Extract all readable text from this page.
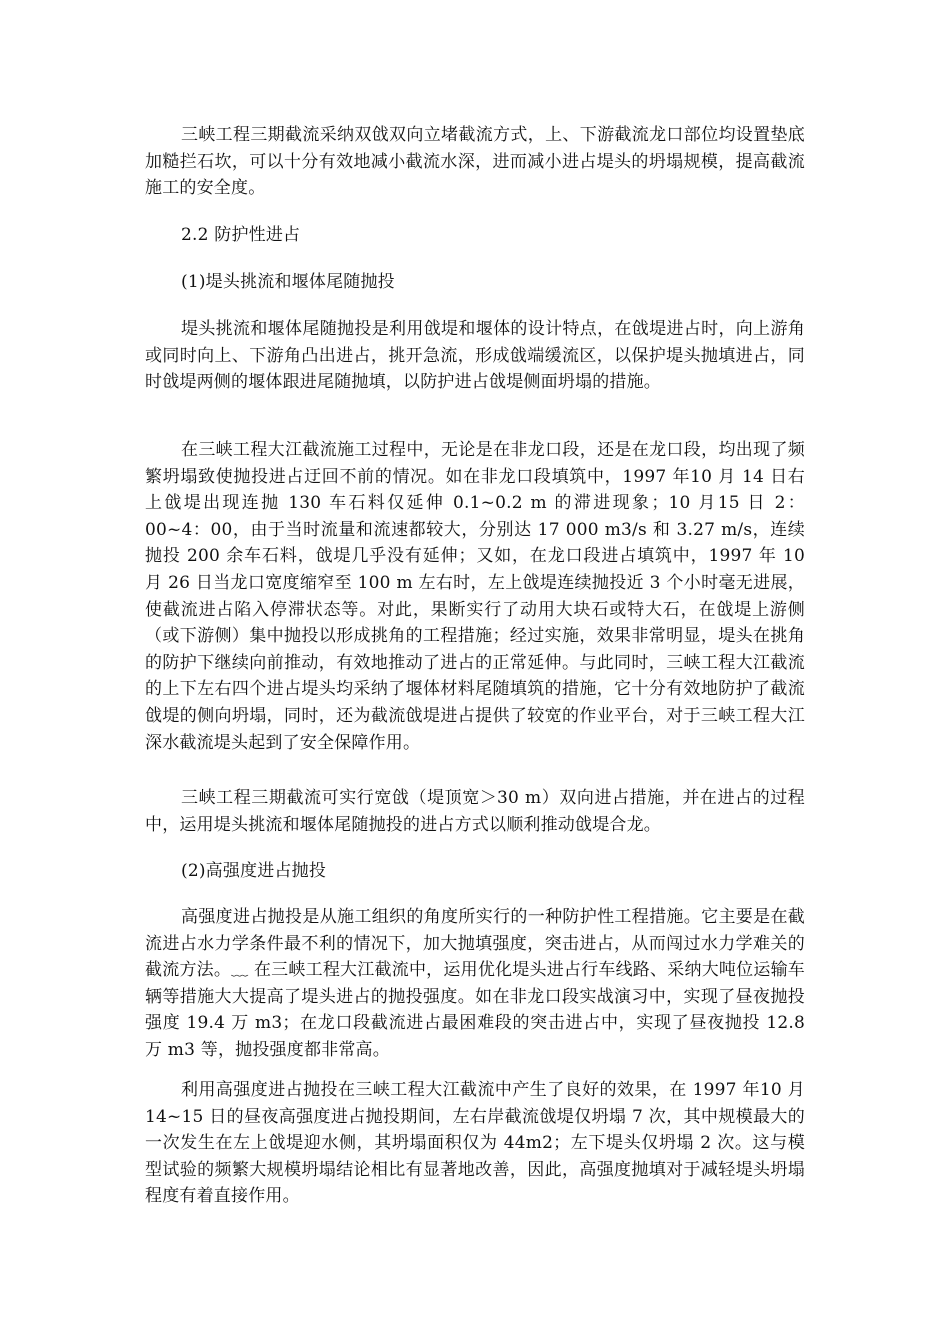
三峡工程三期截流采纳双戗双向立堵截流方式，上、下游截流龙口部位均设置垫底加糙拦石坎，可以十分有效地减小截流水深，进而减小进占堤头的坍塌规模，提高截流施工的安全度。

2.2 防护性进占

(1)堤头挑流和堰体尾随抛投

堤头挑流和堰体尾随抛投是利用戗堤和堰体的设计特点，在戗堤进占时，向上游角或同时向上、下游角凸出进占，挑开急流，形成戗端缓流区，以保护堤头抛填进占，同时戗堤两侧的堰体跟进尾随抛填，以防护进占戗堤侧面坍塌的措施。

在三峡工程大江截流施工过程中，无论是在非龙口段，还是在龙口段，均出现了频繁坍塌致使抛投进占迂回不前的情况。如在非龙口段填筑中，1997 年10 月 14 日右上戗堤出现连抛 130 车石料仅延伸 0.1~0.2 m 的滞进现象；10 月15 日 2：00~4：00，由于当时流量和流速都较大，分别达 17 000 m3/s 和 3.27 m/s，连续抛投 200 余车石料，戗堤几乎没有延伸；又如，在龙口段进占填筑中，1997 年 10 月 26 日当龙口宽度缩窄至 100 m 左右时，左上戗堤连续抛投近 3 个小时毫无进展，使截流进占陷入停滞状态等。对此，果断实行了动用大块石或特大石，在戗堤上游侧（或下游侧）集中抛投以形成挑角的工程措施；经过实施，效果非常明显，堤头在挑角的防护下继续向前推动，有效地推动了进占的正常延伸。与此同时，三峡工程大江截流的上下左右四个进占堤头均采纳了堰体材料尾随填筑的措施，它十分有效地防护了截流戗堤的侧向坍塌，同时，还为截流戗堤进占提供了较宽的作业平台，对于三峡工程大江深水截流堤头起到了安全保障作用。

三峡工程三期截流可实行宽戗（堤顶宽＞30 m）双向进占措施，并在进占的过程中，运用堤头挑流和堰体尾随抛投的进占方式以顺利推动戗堤合龙。

(2)高强度进占抛投

高强度进占抛投是从施工组织的角度所实行的一种防护性工程措施。它主要是在截流进占水力学条件最不利的情况下，加大抛填强度，突击进占，从而闯过水力学难关的截流方法。﹏ 在三峡工程大江截流中，运用优化堤头进占行车线路、采纳大吨位运输车辆等措施大大提高了堤头进占的抛投强度。如在非龙口段实战演习中，实现了昼夜抛投强度 19.4 万 m3；在龙口段截流进占最困难段的突击进占中，实现了昼夜抛投 12.8 万 m3 等，抛投强度都非常高。

利用高强度进占抛投在三峡工程大江截流中产生了良好的效果，在 1997 年10 月 14~15 日的昼夜高强度进占抛投期间，左右岸截流戗堤仅坍塌 7 次，其中规模最大的一次发生在左上戗堤迎水侧，其坍塌面积仅为 44m2；左下堤头仅坍塌 2 次。这与模型试验的频繁大规模坍塌结论相比有显著地改善，因此，高强度抛填对于减轻堤头坍塌程度有着直接作用。
